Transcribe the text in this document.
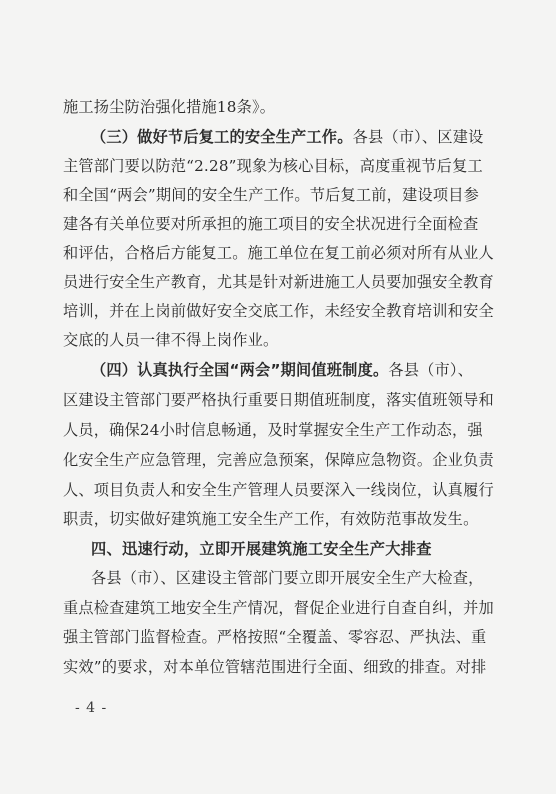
施工扬尘防治强化措施18条》。
（三）做好节后复工的安全生产工作。各县（市）、区建设
主管部门要以防范“2.28”现象为核心目标，高度重视节后复工
和全国“两会”期间的安全生产工作。节后复工前，建设项目参
建各有关单位要对所承担的施工项目的安全状况进行全面检查
和评估，合格后方能复工。施工单位在复工前必须对所有从业人
员进行安全生产教育，尤其是针对新进施工人员要加强安全教育
培训，并在上岗前做好安全交底工作，未经安全教育培训和安全
交底的人员一律不得上岗作业。
（四）认真执行全国“两会”期间值班制度。各县（市）、
区建设主管部门要严格执行重要日期值班制度，落实值班领导和
人员，确保24小时信息畅通，及时掌握安全生产工作动态，强
化安全生产应急管理，完善应急预案，保障应急物资。企业负责
人、项目负责人和安全生产管理人员要深入一线岗位，认真履行
职责，切实做好建筑施工安全生产工作，有效防范事故发生。
四、迅速行动，立即开展建筑施工安全生产大排查
各县（市）、区建设主管部门要立即开展安全生产大检查，
重点检查建筑工地安全生产情况，督促企业进行自查自纠，并加
强主管部门监督检查。严格按照“全覆盖、零容忍、严执法、重
实效”的要求，对本单位管辖范围进行全面、细致的排查。对排
- 4 -
